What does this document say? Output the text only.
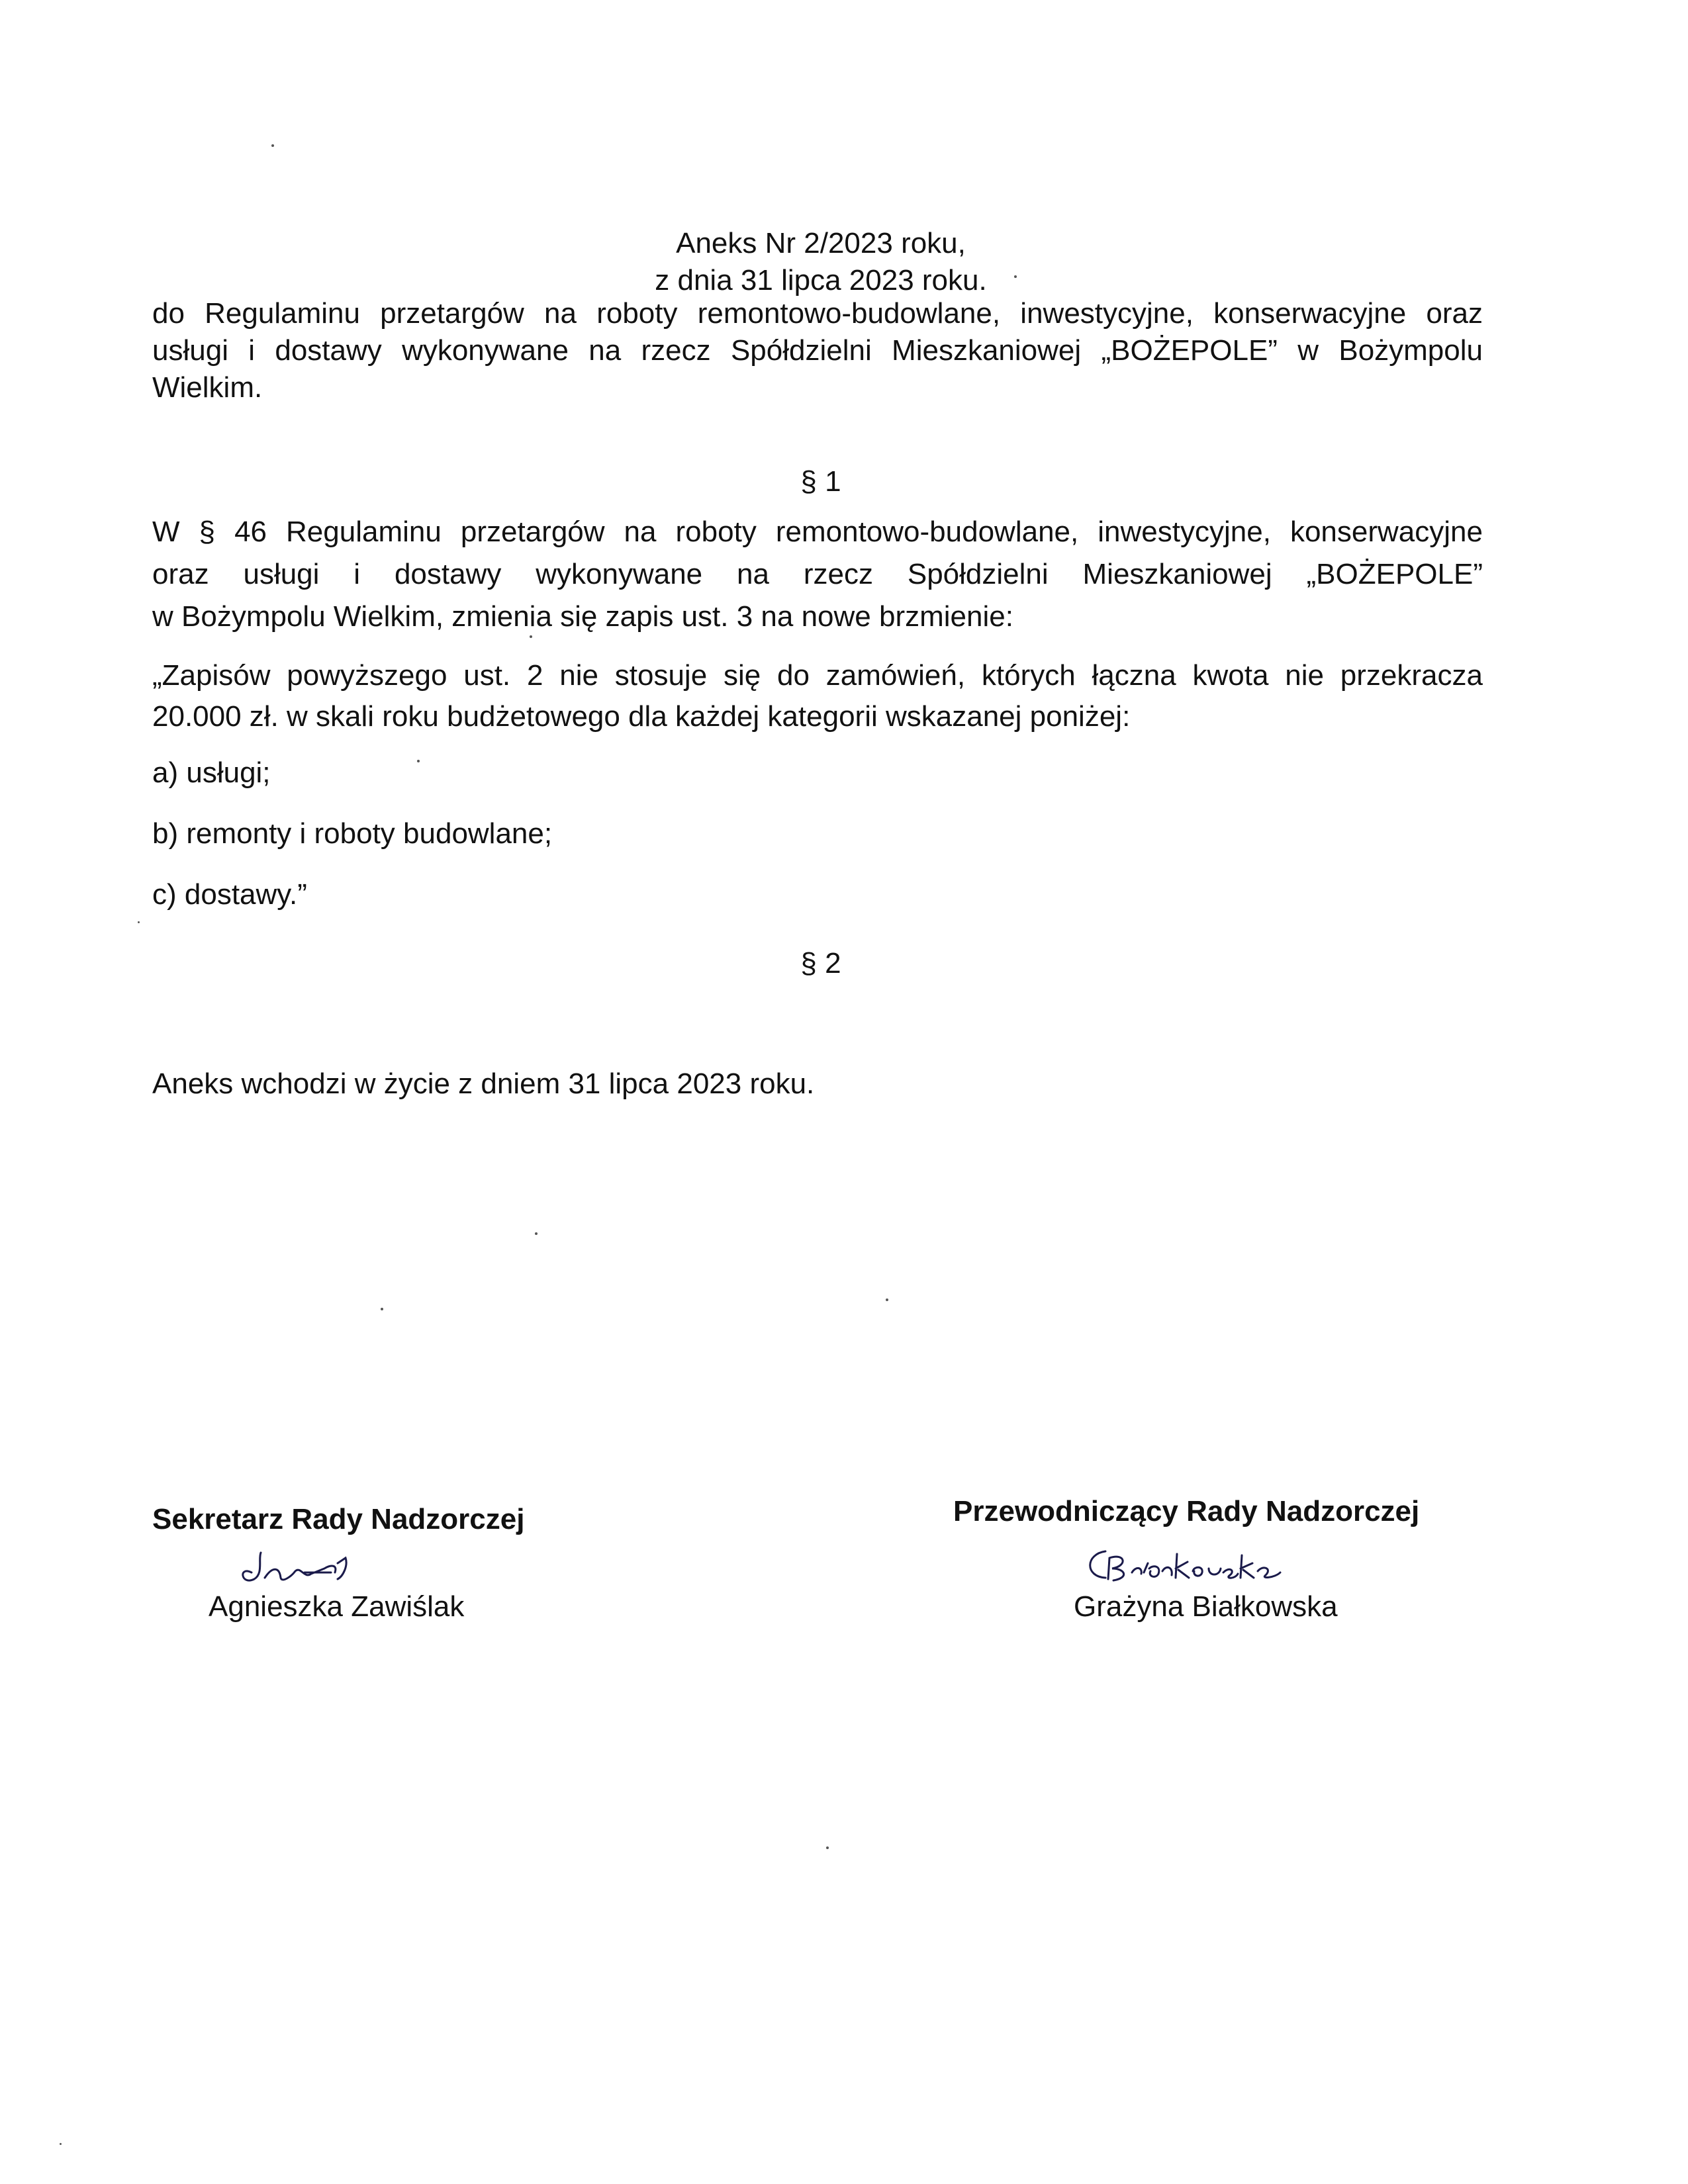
Aneks Nr 2/2023 roku,
z dnia 31 lipca 2023 roku.
do Regulaminu przetargów na roboty remontowo-budowlane, inwestycyjne, konserwacyjne oraz
usługi i dostawy wykonywane na rzecz Spółdzielni Mieszkaniowej „BOŻEPOLE” w Bożympolu
Wielkim.
§ 1
W § 46 Regulaminu przetargów na roboty remontowo-budowlane, inwestycyjne, konserwacyjne
oraz usługi i dostawy wykonywane na rzecz Spółdzielni Mieszkaniowej „BOŻEPOLE”
w Bożympolu Wielkim, zmienia się zapis ust. 3 na nowe brzmienie:
„Zapisów powyższego ust. 2 nie stosuje się do zamówień, których łączna kwota nie przekracza
20.000 zł. w skali roku budżetowego dla każdej kategorii wskazanej poniżej:
a) usługi;
b) remonty i roboty budowlane;
c) dostawy.”
§ 2
Aneks wchodzi w życie z dniem 31 lipca 2023 roku.
Sekretarz Rady Nadzorczej
Agnieszka Zawiślak
Przewodniczący Rady Nadzorczej
Grażyna Białkowska
